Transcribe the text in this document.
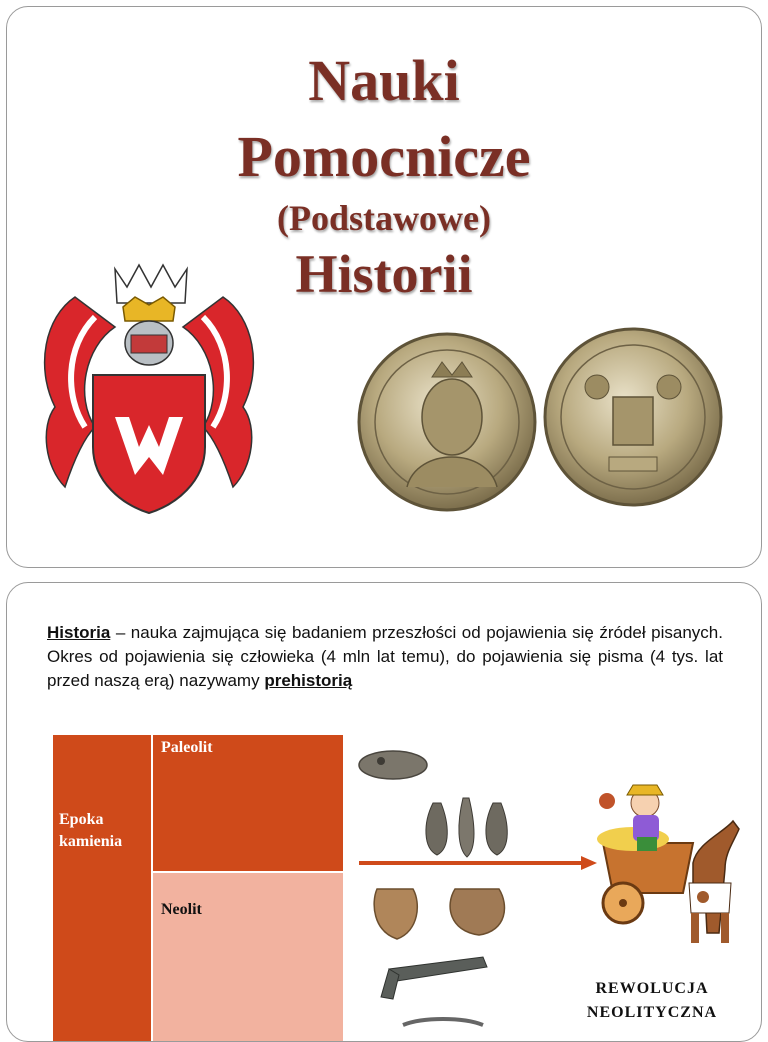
Nauki
Pomocnicze
(Podstawowe)
Historii
Historia – nauka zajmująca się badaniem przeszłości od pojawienia się źródeł pisanych. Okres od pojawienia się człowieka (4 mln lat temu), do pojawienia się pisma (4 tys. lat przed naszą erą) nazywamy prehistorią
Epoka kamienia
Paleolit
Neolit
REWOLUCJA
NEOLITYCZNA
